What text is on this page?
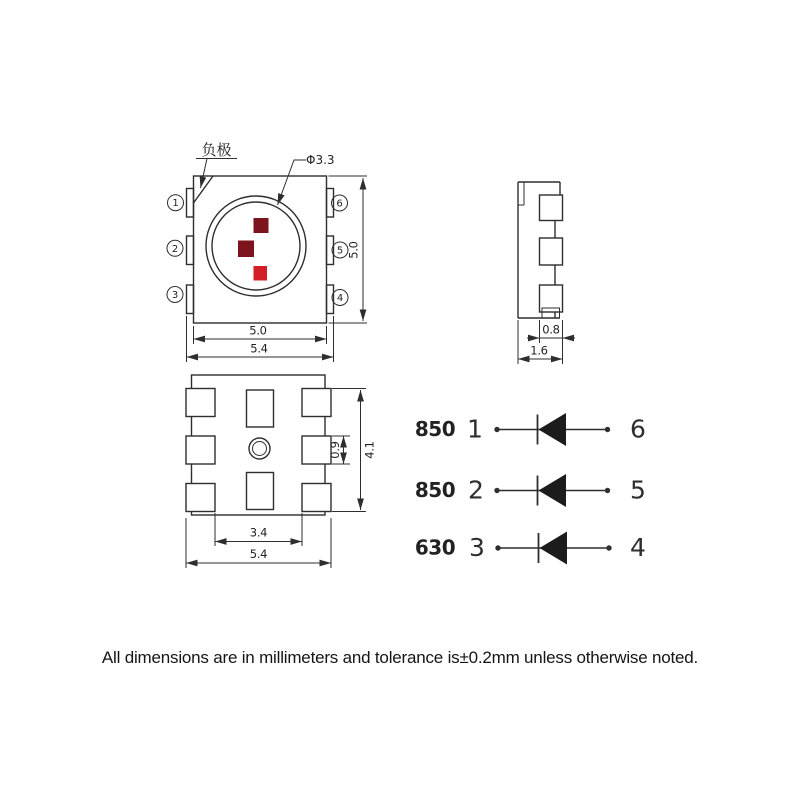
1
2
3
6
5
4
负极
Φ3.3
5.0
5.4
5.0
0.8
1.6
0.9 4.1
3.4
5.4
850 1	6
850 2	5
630 3	4
All dimensions are in millimeters and tolerance is±0.2mm unless otherwise noted.
